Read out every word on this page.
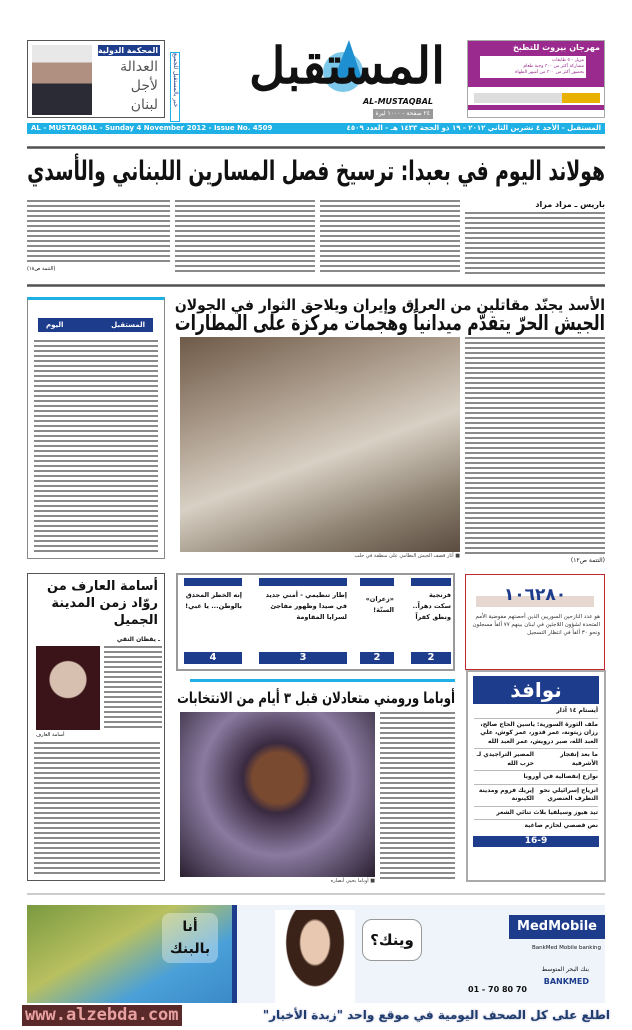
المحكمة الدولية
العدالة
لأجل
لبنان	خبر بالمستقبل للجميع	المستقبل
AL-MUSTAQBAL
٢٤ صفحة - ١٠٠٠ ليرة
مهرجان بيروت للتطبخ
مزيل - ٥ طابقات
مشاركة أكثر من ٣٠٠ وجبة طعام
بحضور أكثر من ٣٠٠ من أشهر الطهاة
AL - MUSTAQBAL - Sunday 4 November 2012 - Issue No. 4509	المستقبل - الأحد ٤ تشرين الثاني ٢٠١٢ - ١٩ ذو الحجة ١٤٣٣ هـ - العدد ٤٥٠٩
هولاند اليوم في بعبدا: ترسيخ فصل المسارين اللبناني والأسدي
باريس ـ مراد مراد
(التتمة ص١٨)
اليوم	المستقبل
الأسد يجنّد مقاتلين من العراق وإيران ويلاحق الثوار في الجولان
الجيش الحرّ يتقدّم ميدانياً وهجمات مركزة على المطارات
■ آثار قصف الجيش النظامي على منطقة في حلب
(التتمة ص١٢)
أسامة العارف من روّاد زمن المدينة الجميل
ـ يقظان التقي
أسامة العارف
فرنجية سكت دهراً.. ونطق كفراً
2
«زعران» السنّة!
2
إطار تنظيمي - أمني جديد في صيدا وظهور مفاجئ لسرايا المقاومة
3
إنه الخطر المحدق بالوطن... يا غبي!
4
١٠٦٢٨٠
هو عدد النازحين السوريين الذين أحصتهم مفوضية الأمم المتحدة لشؤون اللاجئين في لبنان بينهم ٧٧ ألفاً مسجلون ونحو ٣٠ ألفاً في انتظار التسجيل
أوباما ورومني متعادلان قبل ٣ أيام من الانتخابات
■ أوباما يحيي أنصاره
نوافذ
أيستام ١٤ آذار
ملف الثورة السورية: ياسين الحاج صالح، رزان زيتونة، عمر قدور، عمر كوش، علي العبد الله، صبر درويش، عمر العبد الله
ما بعد إنفجار الأشرفية
المصير التراجيدي لـ حزب الله
نوازع إنفصالية في أوروبا
انزياح إسرائيلي نحو التطرف العنصري
إيريك فروم ومدينة الكينونة
تيد هيوز وسيلفيا بلاث تنائي الشعر
نص قصصي لحازم صاغية
16-9
أنا بالبنك	وينك؟
MedMobile
BankMed Mobile banking
بنك البحر المتوسط
BANKMED
01 - 70 80 70
www.alzebda.com	اطلع على كل الصحف اليومية في موقع واحد "زبدة الأخبار"
